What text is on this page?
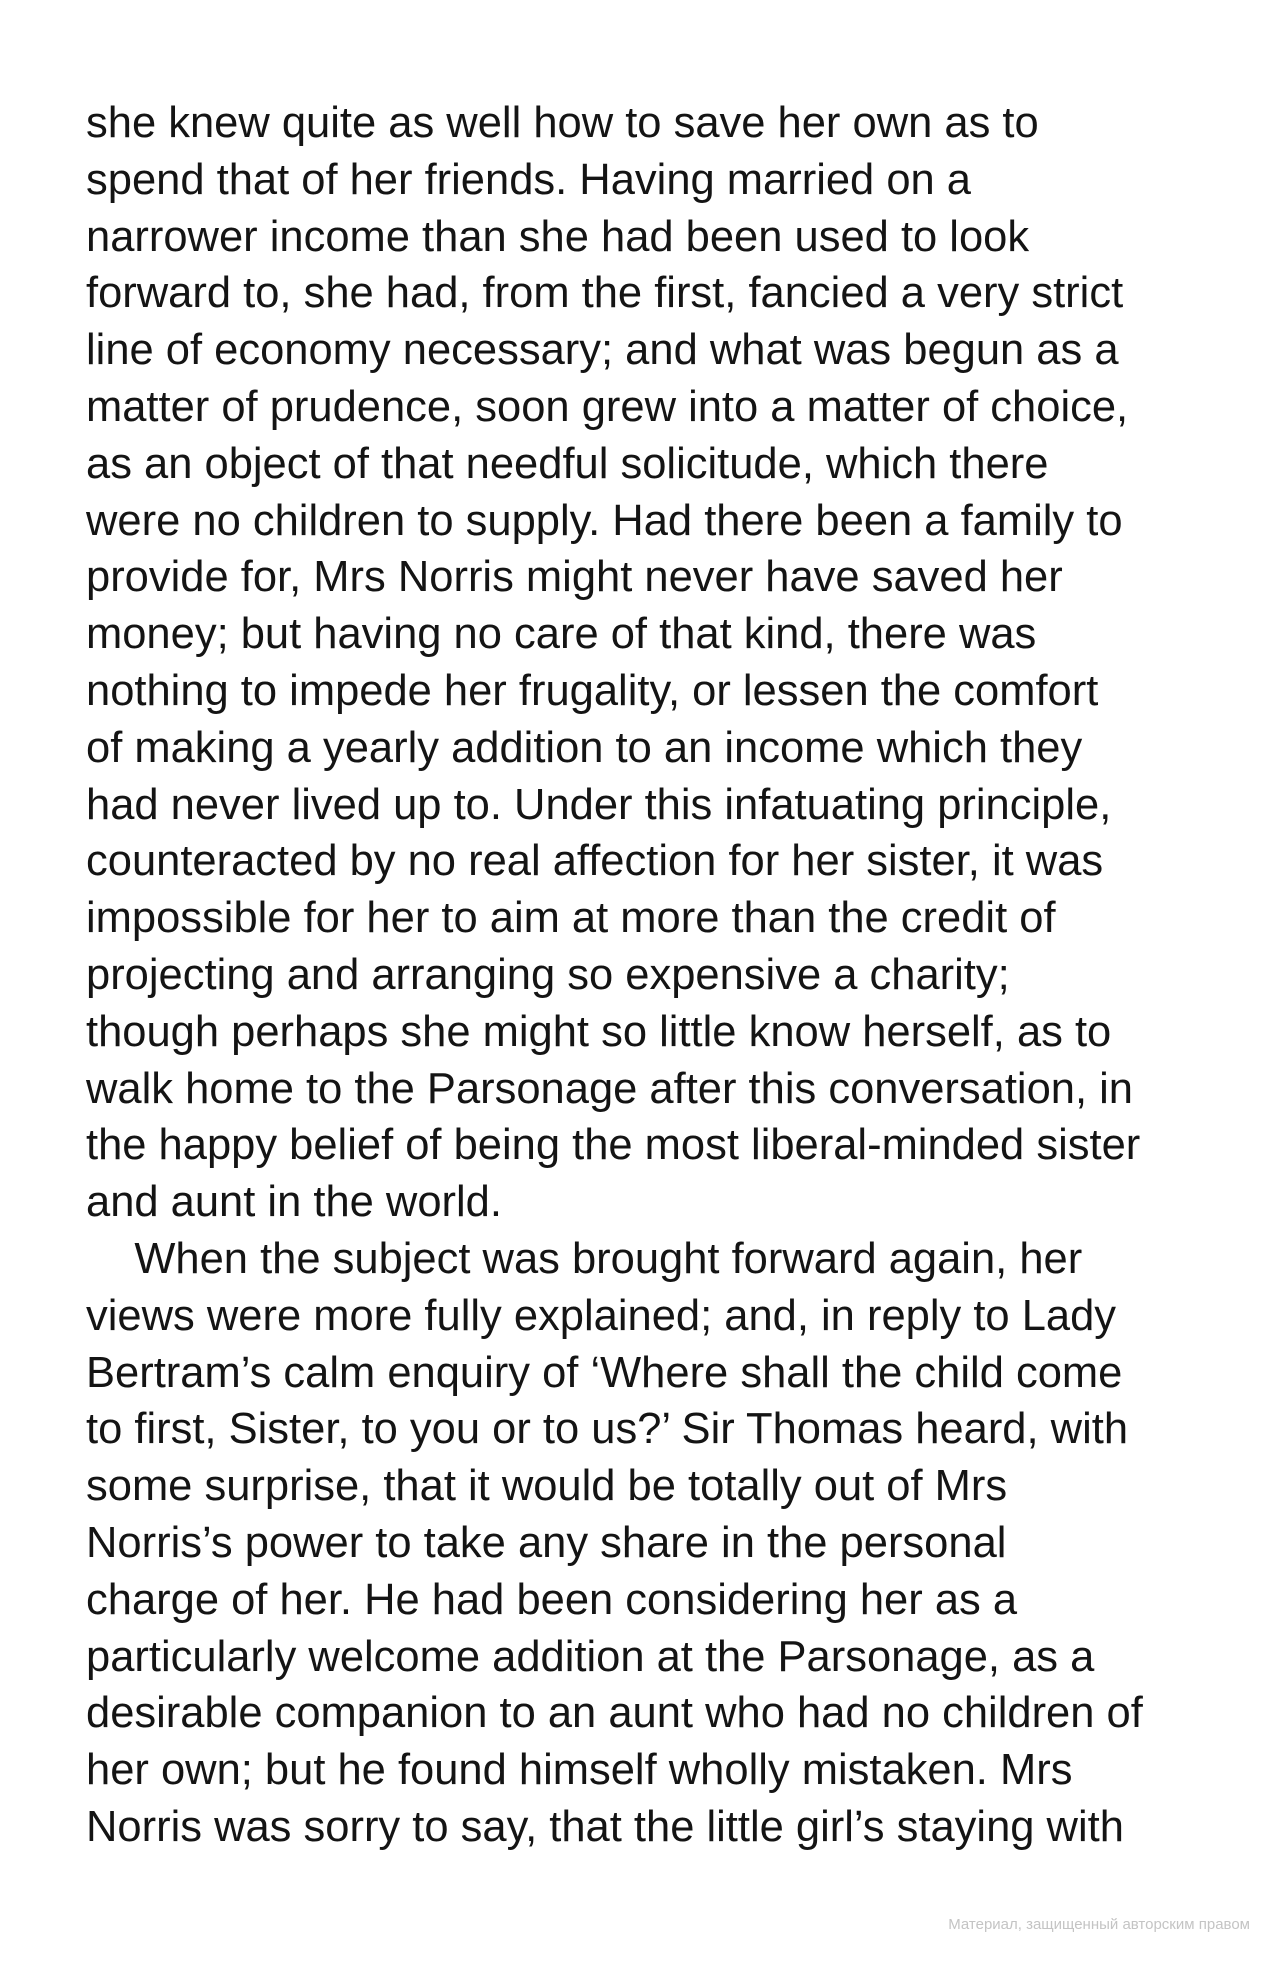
she knew quite as well how to save her own as to
spend that of her friends. Having married on a
narrower income than she had been used to look
forward to, she had, from the first, fancied a very strict
line of economy necessary; and what was begun as a
matter of prudence, soon grew into a matter of choice,
as an object of that needful solicitude, which there
were no children to supply. Had there been a family to
provide for, Mrs Norris might never have saved her
money; but having no care of that kind, there was
nothing to impede her frugality, or lessen the comfort
of making a yearly addition to an income which they
had never lived up to. Under this infatuating principle,
counteracted by no real affection for her sister, it was
impossible for her to aim at more than the credit of
projecting and arranging so expensive a charity;
though perhaps she might so little know herself, as to
walk home to the Parsonage after this conversation, in
the happy belief of being the most liberal-minded sister
and aunt in the world.
When the subject was brought forward again, her
views were more fully explained; and, in reply to Lady
Bertram’s calm enquiry of ‘Where shall the child come
to first, Sister, to you or to us?’ Sir Thomas heard, with
some surprise, that it would be totally out of Mrs
Norris’s power to take any share in the personal
charge of her. He had been considering her as a
particularly welcome addition at the Parsonage, as a
desirable companion to an aunt who had no children of
her own; but he found himself wholly mistaken. Mrs
Norris was sorry to say, that the little girl’s staying with
Материал, защищенный авторским правом
